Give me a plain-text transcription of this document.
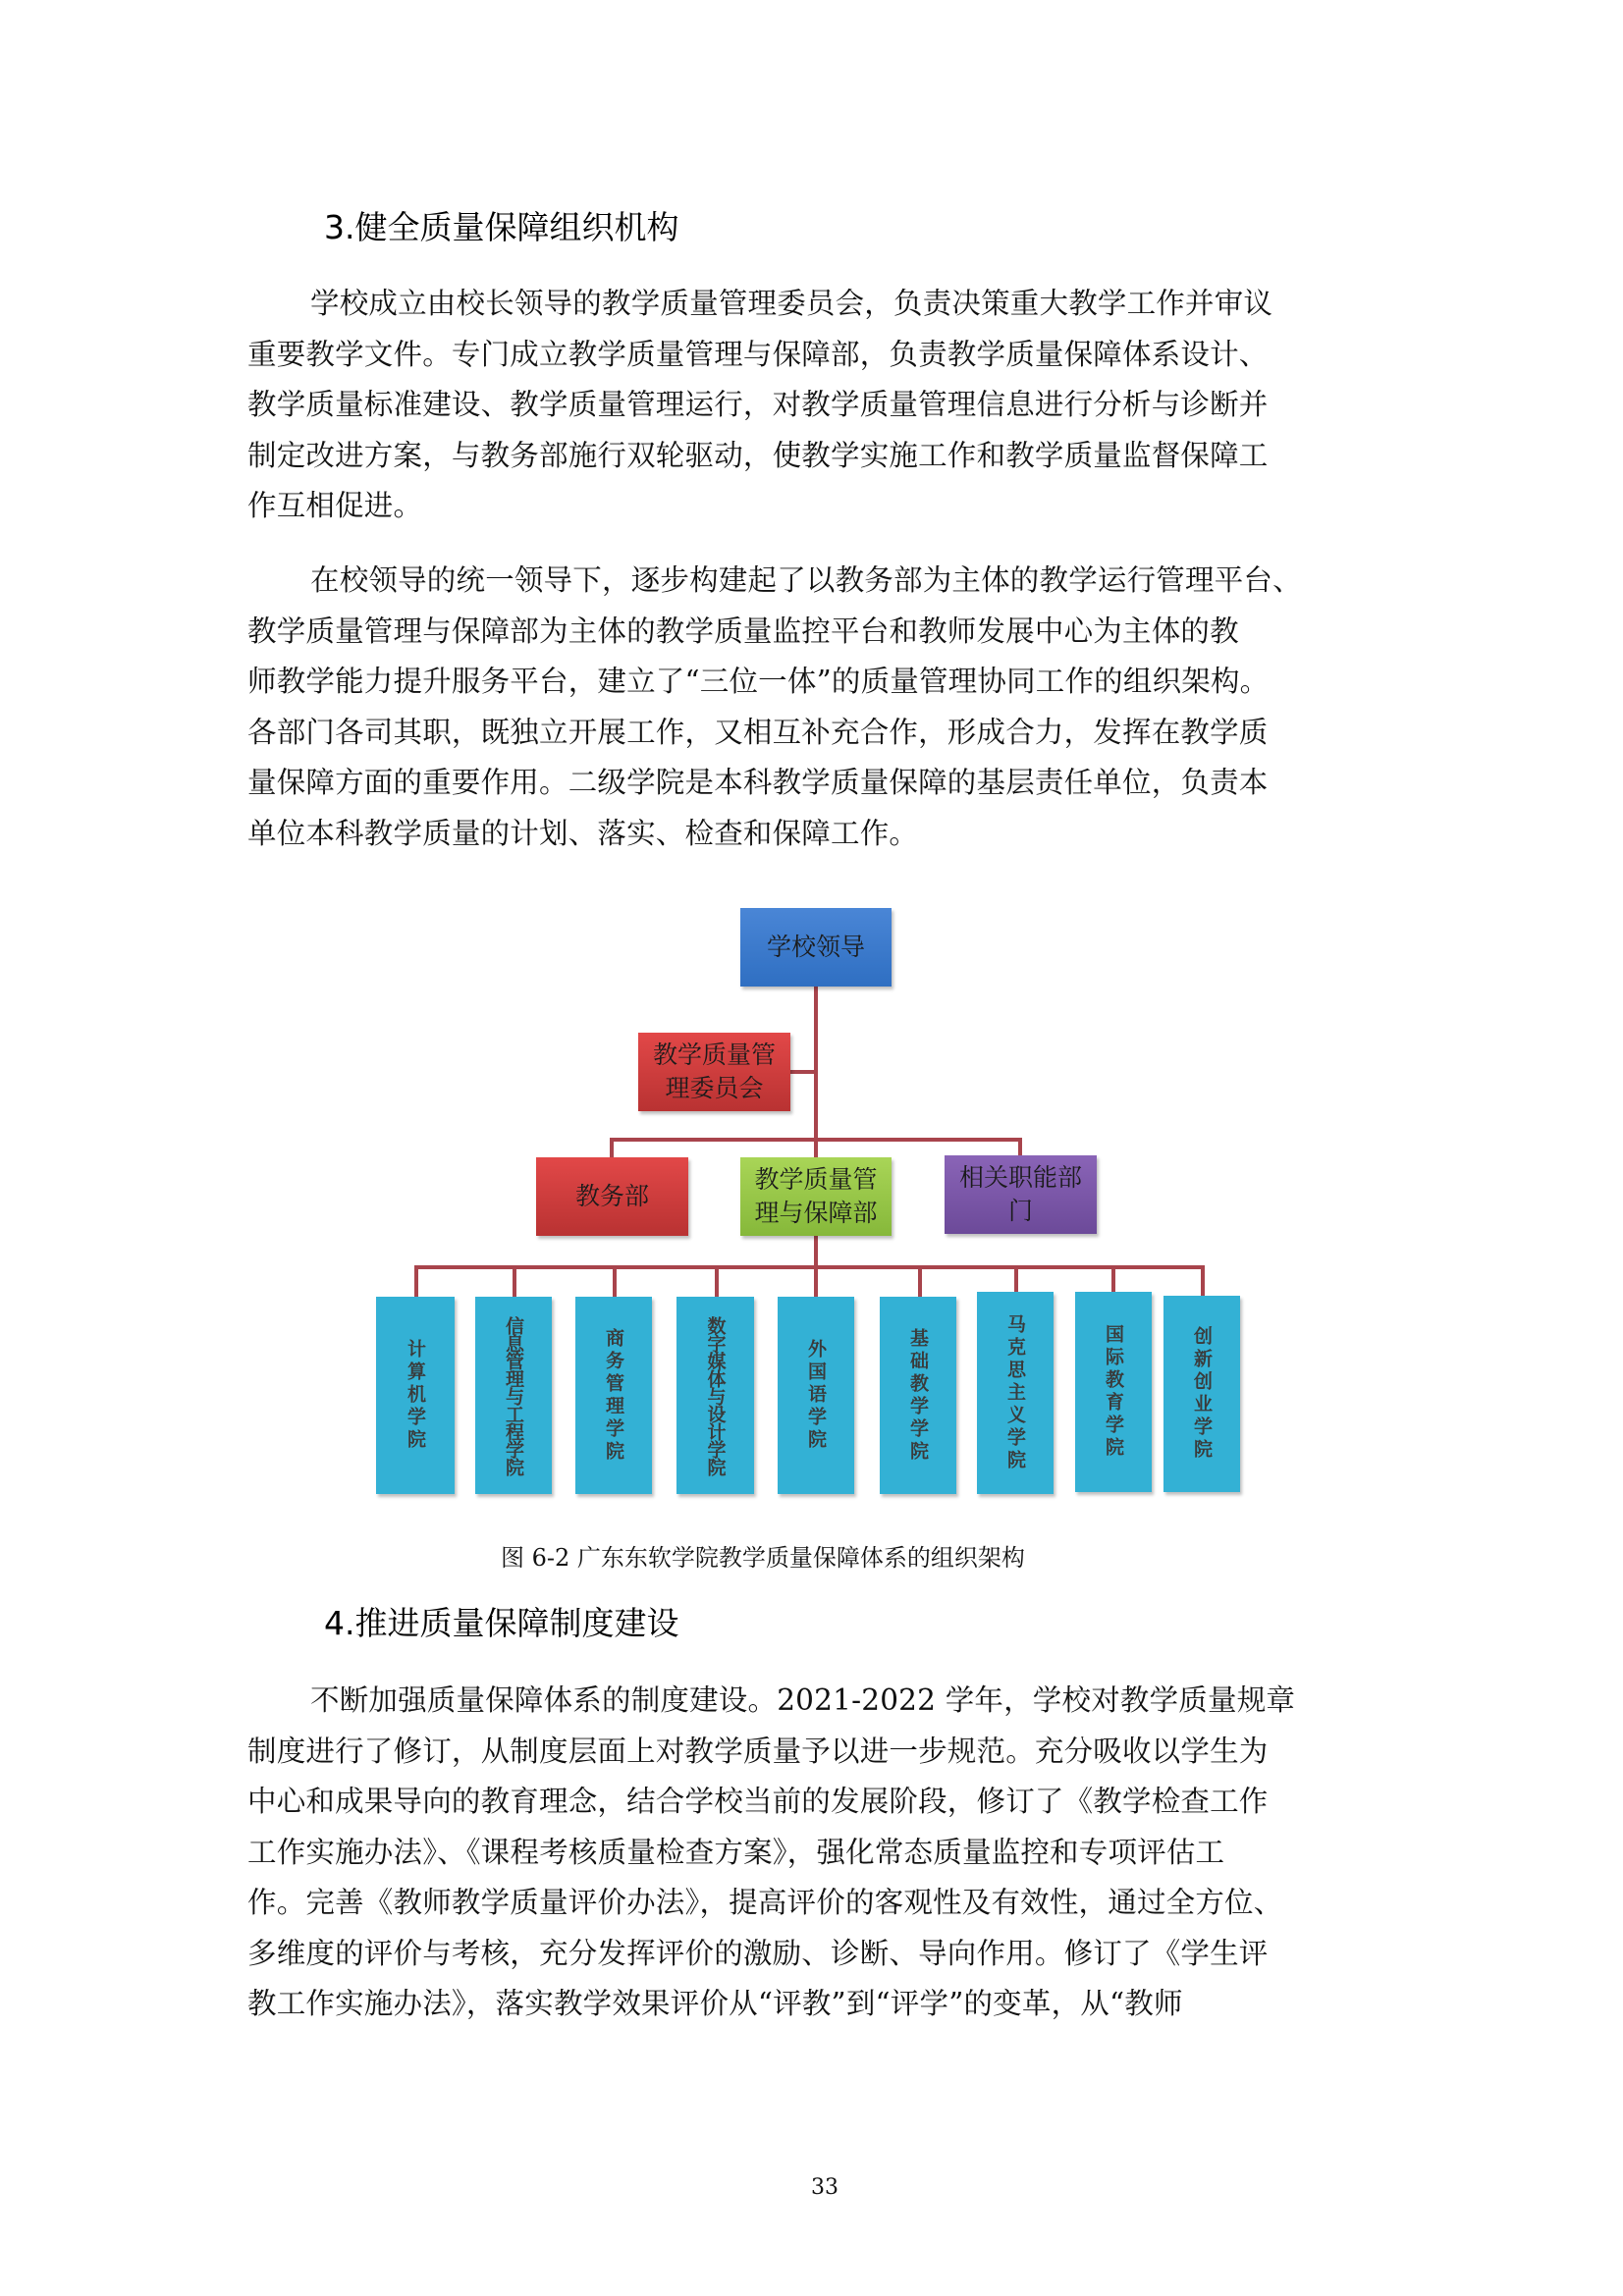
3.健全质量保障组织机构
学校成立由校长领导的教学质量管理委员会，负责决策重大教学工作并审议
重要教学文件。专门成立教学质量管理与保障部，负责教学质量保障体系设计、
教学质量标准建设、教学质量管理运行，对教学质量管理信息进行分析与诊断并
制定改进方案，与教务部施行双轮驱动，使教学实施工作和教学质量监督保障工
作互相促进。
在校领导的统一领导下，逐步构建起了以教务部为主体的教学运行管理平台、
教学质量管理与保障部为主体的教学质量监控平台和教师发展中心为主体的教
师教学能力提升服务平台，建立了“三位一体”的质量管理协同工作的组织架构。
各部门各司其职，既独立开展工作，又相互补充合作，形成合力，发挥在教学质
量保障方面的重要作用。二级学院是本科教学质量保障的基层责任单位，负责本
单位本科教学质量的计划、落实、检查和保障工作。
学校领导
教学质量管
理委员会
教务部
教学质量管
理与保障部
相关职能部
门
计算机学院	信息管理与工程学院	商务管理学院	数字媒体与设计学院	外国语学院	基础教学学院	马克思主义学院	国际教育学院	创新创业学院
图 6-2 广东东软学院教学质量保障体系的组织架构
4.推进质量保障制度建设
不断加强质量保障体系的制度建设。2021-2022 学年，学校对教学质量规章
制度进行了修订，从制度层面上对教学质量予以进一步规范。充分吸收以学生为
中心和成果导向的教育理念，结合学校当前的发展阶段，修订了《教学检查工作
工作实施办法》、《课程考核质量检查方案》，强化常态质量监控和专项评估工
作。完善《教师教学质量评价办法》，提高评价的客观性及有效性，通过全方位、
多维度的评价与考核，充分发挥评价的激励、诊断、导向作用。修订了《学生评
教工作实施办法》，落实教学效果评价从“评教”到“评学”的变革，从“教师
33
